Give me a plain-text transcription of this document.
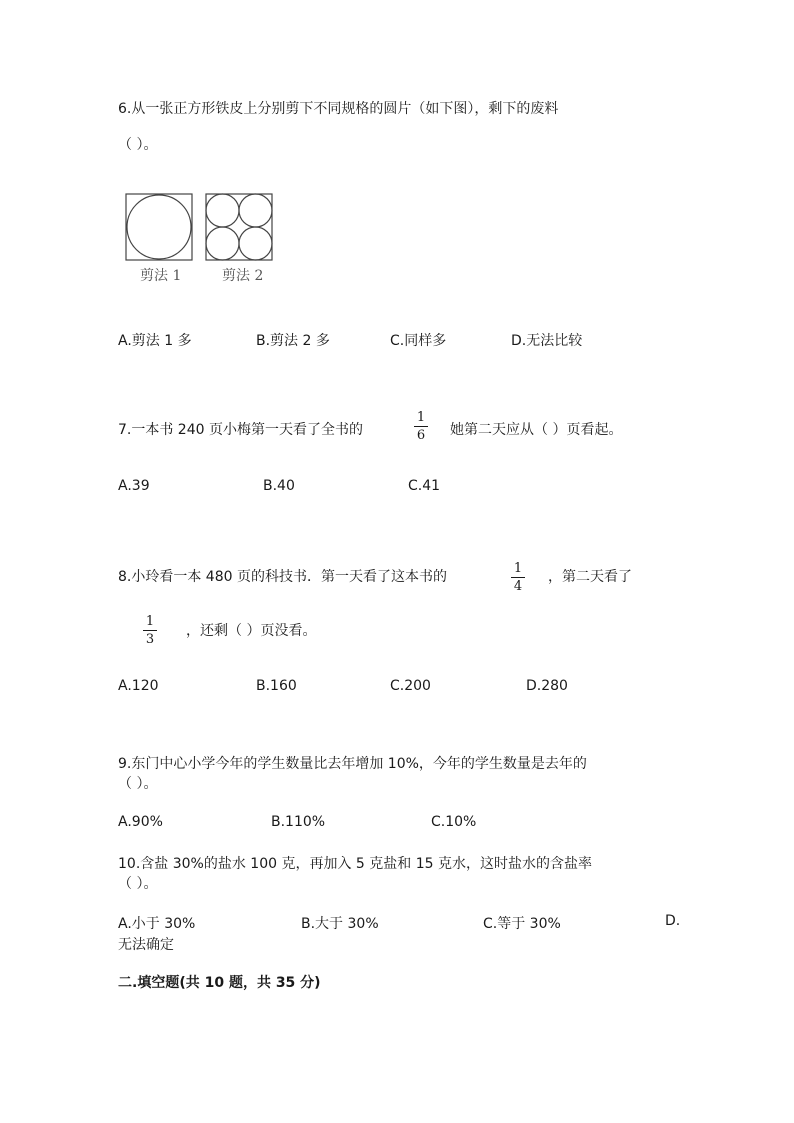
6.从一张正方形铁皮上分别剪下不同规格的圆片（如下图），剩下的废料
（ ）。
剪法 1	剪法 2
A.剪法 1 多	B.剪法 2 多	C.同样多	D.无法比较
7.一本书 240 页小梅第一天看了全书的
1
6 她第二天应从（ ）页看起。
A.39	B.40	C.41
8.小玲看一本 480 页的科技书．第一天看了这本书的
1
4
，第二天看了
1
3
，还剩（ ）页没看。
A.120	B.160	C.200	D.280
9.东门中心小学今年的学生数量比去年增加 10%，今年的学生数量是去年的
（ ）。
A.90%	B.110%	C.10%
10.含盐 30%的盐水 100 克，再加入 5 克盐和 15 克水，这时盐水的含盐率
（ ）。
A.小于 30%	B.大于 30%	C.等于 30%	D.
无法确定
二.填空题(共 10 题，共 35 分)
